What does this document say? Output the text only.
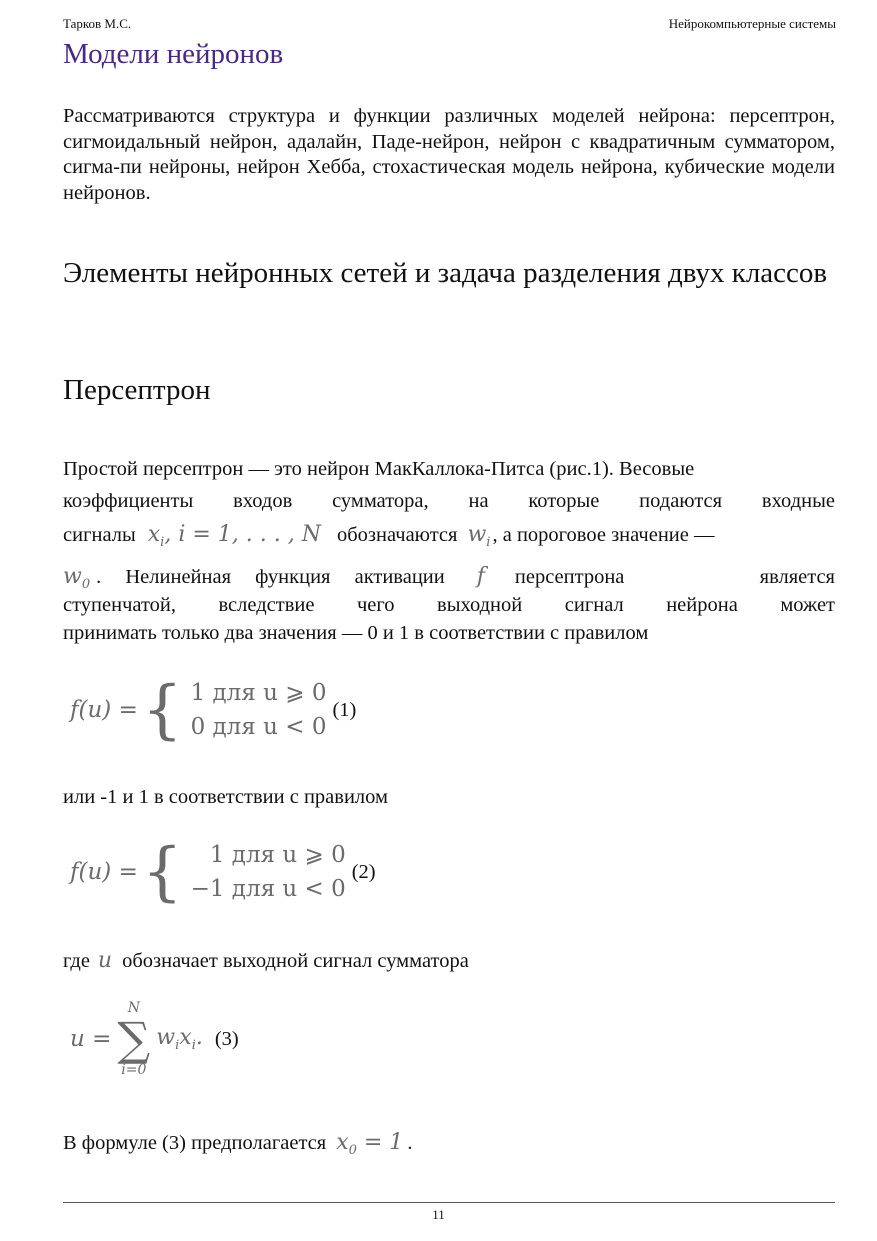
Тарков М.С.	Нейрокомпьютерные системы
Модели нейронов
Рассматриваются структура и функции различных моделей нейрона: персептрон, сигмоидальный нейрон, адалайн, Паде-нейрон, нейрон с квадратичным сумматором, сигма-пи нейроны, нейрон Хебба, стохастическая модель нейрона, кубические модели нейронов.
Элементы нейронных сетей и задача разделения двух классов
Персептрон
Простой персептрон — это нейрон МакКаллока-Питса (рис.1). Весовые
коэффициенты входов сумматора, на которые подаются входные
сигналы $x_i$, i = 1, . . . , N обозначаются $w_i$ , а пороговое значение —
$w_0$ . Нелинейная функция активации f персептрона является
ступенчатой, вследствие чего выходной сигнал нейрона может
принимать только два значения — 0 и 1 в соответствии с правилом
f(u) = { 1 для u ⩾ 0
0 для u < 0
(1)
или -1 и 1 в соответствии с правилом
f(u) = {	1 для u ⩾ 0
−1 для u < 0
(2)
где u обозначает выходной сигнал сумматора
u =
N
∑
i=0
$w_ix_i$. (3)
В формуле (3) предполагается $x_0 = 1$ .
11
